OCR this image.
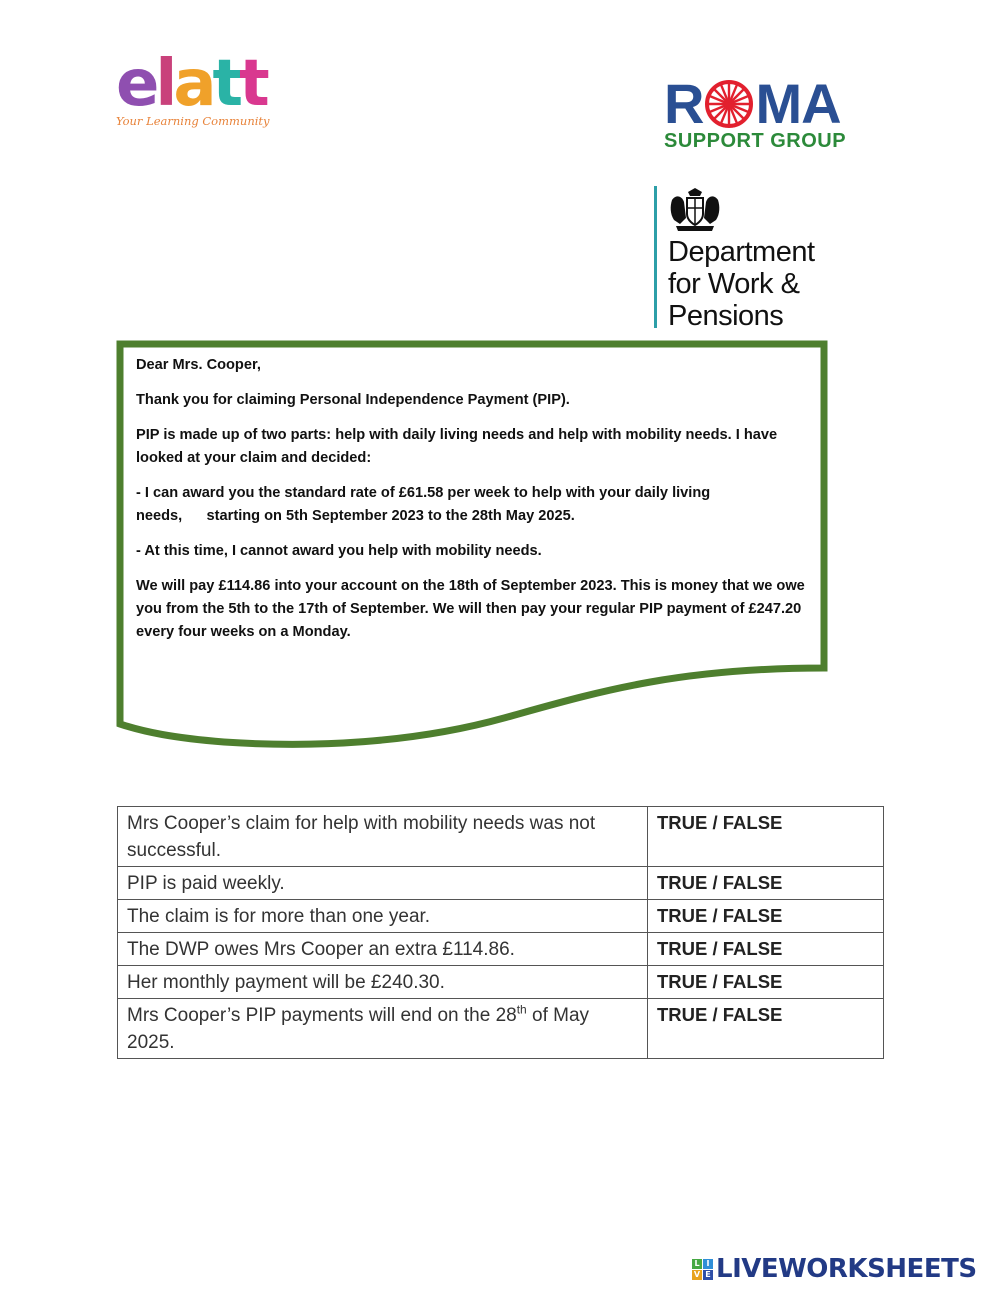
elatt
Your Learning Community	R MA
SUPPORT GROUP
Department
for Work &
Pensions

Dear Mrs. Cooper,

Thank you for claiming Personal Independence Payment (PIP).

PIP is made up of two parts: help with daily living needs and help with mobility needs. I have looked at your claim and decided:

- I can award you the standard rate of £61.58 per week to help with your daily living
needs,      starting on 5th September 2023 to the 28th May 2025.

- At this time, I cannot award you help with mobility needs.

We will pay £114.86 into your account on the 18th of September 2023. This is money that we owe you from the 5th to the 17th of September. We will then pay your regular PIP payment of £247.20 every four weeks on a Monday.

Mrs Cooper’s claim for help with mobility needs was not successful.	TRUE / FALSE
PIP is paid weekly.	TRUE / FALSE
The claim is for more than one year.	TRUE / FALSE
The DWP owes Mrs Cooper an extra £114.86.	TRUE / FALSE
Her monthly payment will be £240.30.	TRUE / FALSE
Mrs Cooper’s PIP payments will end on the 28th of May 2025.	TRUE / FALSE
L I
V E LIVEWORKSHEETS
